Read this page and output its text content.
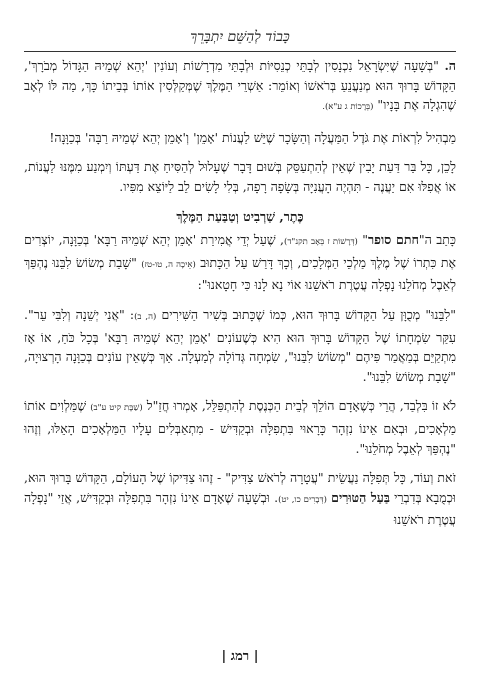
כָּבוֹד לְהַשֵּׁם יִתְבָּרֵךְ

ה. "בְּשָׁעָה שֶׁיִּשְׂרָאֵל נִכְנָסִין לְבָתֵּי כְנֵסִיּוֹת וּלְבָתֵּי מִדְרָשׁוֹת וְעוֹנִין 'יְהֵא שְׁמֵיהּ הַגָּדוֹל מְבֹרָךְ', הַקָּדוֹשׁ בָּרוּךְ הוּא מְנַעֲנֵעַ בְּרֹאשׁוֹ וְאוֹמֵר: אַשְׁרֵי הַמֶּלֶךְ שֶׁמְּקַלְּסִין אוֹתוֹ בְּבֵיתוֹ כָּךְ, מַה לּוֹ לְאָב שֶׁהִגְלָה אֶת בָּנָיו" (בְּרָכוֹת ג ע"א).

מַבְהִיל לִרְאוֹת אֶת גֹּדֶל הַמַּעֲלָה וְהַשָּׂכָר שֶׁיֵּשׁ לַעֲנוֹת 'אָמֵן' וְ'אָמֵן יְהֵא שְׁמֵיהּ רַבָּה' בְּכַוָּנָה!

לָכֵן, כָּל בַּר דַּעַת יָבִין שֶׁאֵין לְהִתְעַסֵּק בְּשׁוּם דָּבָר שֶׁעָלוּל לְהַסִּיחַ אֶת דַּעְתּוֹ וְיִמְנַע מִמֶּנּוּ לַעֲנוֹת, אוֹ אֲפִלּוּ אִם יַעֲנֶה - תִּהְיֶה הָעֲנִיָּה בְּשָׂפָה רָפָה, בְּלִי לָשִׂים לֵב לַיּוֹצֵא מִפִּיו.

כֶּתֶר, שַׁרְבִיט וְטַבַּעַת הַמֶּלֶךְ

כָּתַב ה"חתם סופר" (דְּרָשׁוֹת ז בְּאָב תקנ"ד), שֶׁעַל יְדֵי אֲמִירַת 'אָמֵן יְהֵא שְׁמֵיהּ רַבָּא' בְּכַוָּנָה, יוֹצְרִים אֶת כִּתְרוֹ שֶׁל מֶלֶךְ מַלְכֵי הַמְּלָכִים, וְכָךְ דָּרַשׁ עַל הַכָּתוּב (אֵיכָה ה, טו-טז) "שָׁבַת מְשׂוֹשׂ לִבֵּנוּ נֶהְפַּךְ לְאֵבֶל מְחֹלֵנוּ נָפְלָה עֲטֶרֶת רֹאשֵׁנוּ אוֹי נָא לָנוּ כִּי חָטָאנוּ":

"לִבֵּנוּ" מְכֻוָּן עַל הַקָּדוֹשׁ בָּרוּךְ הוּא, כְּמוֹ שֶׁכָּתוּב בְּשִׁיר הַשִּׁירִים (ה, ב): "אֲנִי יְשֵׁנָה וְלִבִּי עֵר". עִקַּר שִׂמְחָתוֹ שֶׁל הַקָּדוֹשׁ בָּרוּךְ הוּא הִיא כְּשֶׁעוֹנִים 'אָמֵן יְהֵא שְׁמֵיהּ רַבָּא' בְּכָל כֹּחַ, אוֹ אָז מִתְקַיֵּם בְּמַאֲמַר פִּיהֶם "מְשׂוֹשׂ לִבֵּנוּ", שִׂמְחָה גְּדוֹלָה לְמַעְלָה. אַךְ כְּשֶׁאֵין עוֹנִים בְּכַוָּנָה הָרְצוּיָה, "שָׁבַת מְשׂוֹשׂ לִבֵּנוּ".

לֹא זוֹ בִּלְבַד, הֲרֵי כְּשֶׁאָדָם הוֹלֵךְ לְבֵית הַכְּנֶסֶת לְהִתְפַּלֵּל, אָמְרוּ חֲזַ"ל (שַׁבָּת קיט ע"ב) שֶׁמַּלְוִים אוֹתוֹ מַלְאָכִים, וּבְאִם אֵינוֹ נִזְהָר כָּרָאוּי בִּתְפִלָּה וּבְקַדִּישׁ - מִתְאַבְּלִים עָלָיו הַמַּלְאָכִים הָאֵלּוּ, וְזֶהוּ "נֶהְפַּךְ לְאֵבֶל מְחֹלֵנוּ".

זֹאת וְעוֹד, כָּל תְּפִלָּה נַעֲשֵׂית "עֲטָרָה לְרֹאשׁ צַדִּיק" - זֶהוּ צַדִּיקוֹ שֶׁל הָעוֹלָם, הַקָּדוֹשׁ בָּרוּךְ הוּא, וּכְמֻבָא בְּדִבְרֵי בַּעַל הַטּוּרִים (דְּבָרִים כו, יט). וּבְשָׁעָה שֶׁאָדָם אֵינוֹ נִזְהָר בִּתְפִלָּה וּבְקַדִּישׁ, אֲזַי "נָפְלָה עֲטֶרֶת רֹאשֵׁנוּ

| רמג |
